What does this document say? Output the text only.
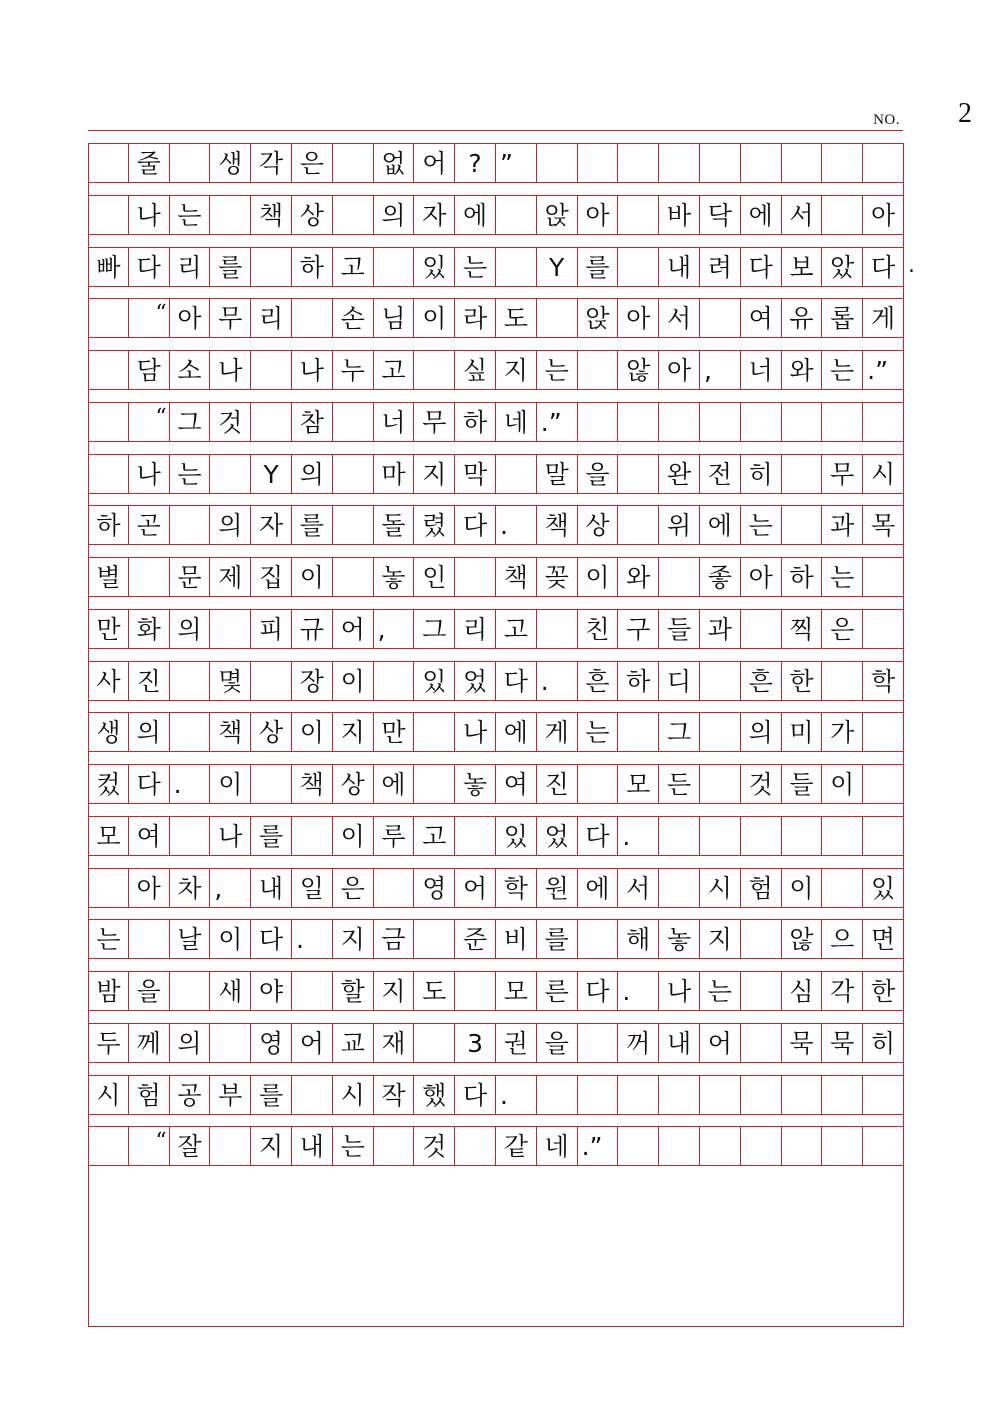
NO. 2
줄	생 각 은	없 어 ? ”
나 는	책 상	의 자 에	앉 아	바 닥 에 서	아
빠 다 리 를	하 고	있 는	Y 를	내 려 다 보 았 다
“ 아 무 리	손 님 이 라 도	앉 아 서	여 유 롭 게
담 소 나	나 누 고	싶 지 는	않 아 ,	너 와 는 .”
“ 그 것	참	너 무 하 네 .”
나 는	Y 의	마 지 막	말 을	완 전 히	무 시
하 곤	의 자 를	돌 렸 다 .	책 상	위 에 는	과 목
별	문 제 집 이	놓 인	책 꽂 이 와	좋 아 하 는
만 화 의	피 규 어 ,	그 리 고	친 구 들 과	찍 은
사 진	몇	장 이	있 었 다 .	흔 하 디	흔 한	학
생 의	책 상 이 지 만	나 에 게 는	그	의 미 가
컸 다 .	이	책 상 에	놓 여 진	모 든	것 들 이
모 여	나 를	이 루 고	있 었 다 .
아 차 ,	내 일 은	영 어 학 원 에 서	시 험 이	있
는	날 이 다 .	지 금	준 비 를	해 놓 지	않 으 면
밤 을	새 야	할 지 도	모 른 다 .	나 는	심 각 한
두 께 의	영 어 교 재	3 권 을	꺼 내 어	묵 묵 히
시 험 공 부 를	시 작 했 다 .
“ 잘	지 내 는	것	같 네 .”
.
